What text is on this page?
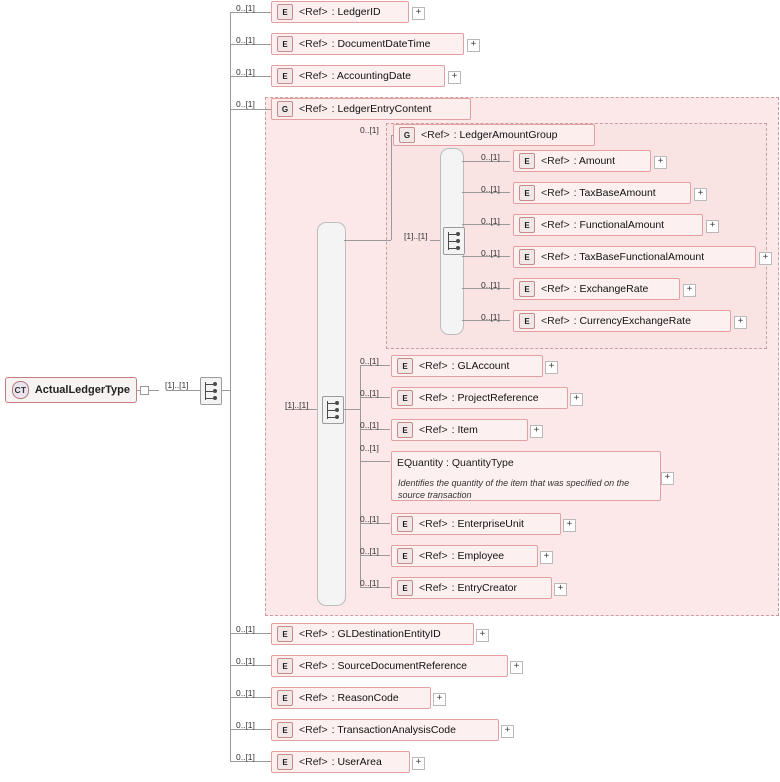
CT ActualLedgerType	[1]..[1]
0..[1]	E	<Ref> : LedgerID	+
0..[1]	E	<Ref> : DocumentDateTime	+
0..[1]	E	<Ref> : AccountingDate	+
0..[1]	G	<Ref> : LedgerEntryContent
0..[1]	G	<Ref> : LedgerAmountGroup
[1]..[1]
[1]..[1]
0..[1]	E	<Ref> : Amount	+
0..[1]	E	<Ref> : TaxBaseAmount	+
0..[1]	E	<Ref> : FunctionalAmount	+
0..[1]	E	<Ref> : TaxBaseFunctionalAmount	+
0..[1]	E	<Ref> : ExchangeRate	+
0..[1]	E	<Ref> : CurrencyExchangeRate	+
0..[1]	E	<Ref> : GLAccount	+
0..[1]	E	<Ref> : ProjectReference	+
0..[1]	E	<Ref> : Item	+
0..[1]
E Quantity : QuantityType
Identifies the quantity of the item that was specified on the source transaction
+
0..[1]	E	<Ref> : EnterpriseUnit	+
0..[1]	E	<Ref> : Employee	+
0..[1]	E	<Ref> : EntryCreator	+
0..[1]	E	<Ref> : GLDestinationEntityID	+
0..[1]	E	<Ref> : SourceDocumentReference	+
0..[1]	E	<Ref> : ReasonCode	+
0..[1]	E	<Ref> : TransactionAnalysisCode	+
0..[1]	E	<Ref> : UserArea	+
